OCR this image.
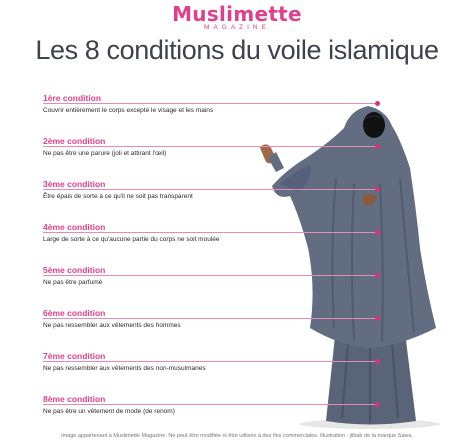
Muslimette
MAGAZINE
Les 8 conditions du voile islamique
1ère condition
Couvrir entièrement le corps excepté le visage et les mains
2ème condition
Ne pas être une parure (joli et attirant l'œil)
3ème condition
Être épais de sorte à ce qu'il ne soit pas transparent
4ème condition
Large de sorte à ce qu'aucune partie du corps ne soit moulée
5ème condition
Ne pas être parfumé
6ème condition
Ne pas ressembler aux vêtements des hommes
7ème condition
Ne pas ressembler aux vêtements des non-musulmanes
8ème condition
Ne pas être un vêtement de mode (de renom)
Image appartenant à Muslimette Magazine. Ne peut être modifiée ni être utilisée à des fins commerciales. Illustration : jilbab de la marque Sawa.
